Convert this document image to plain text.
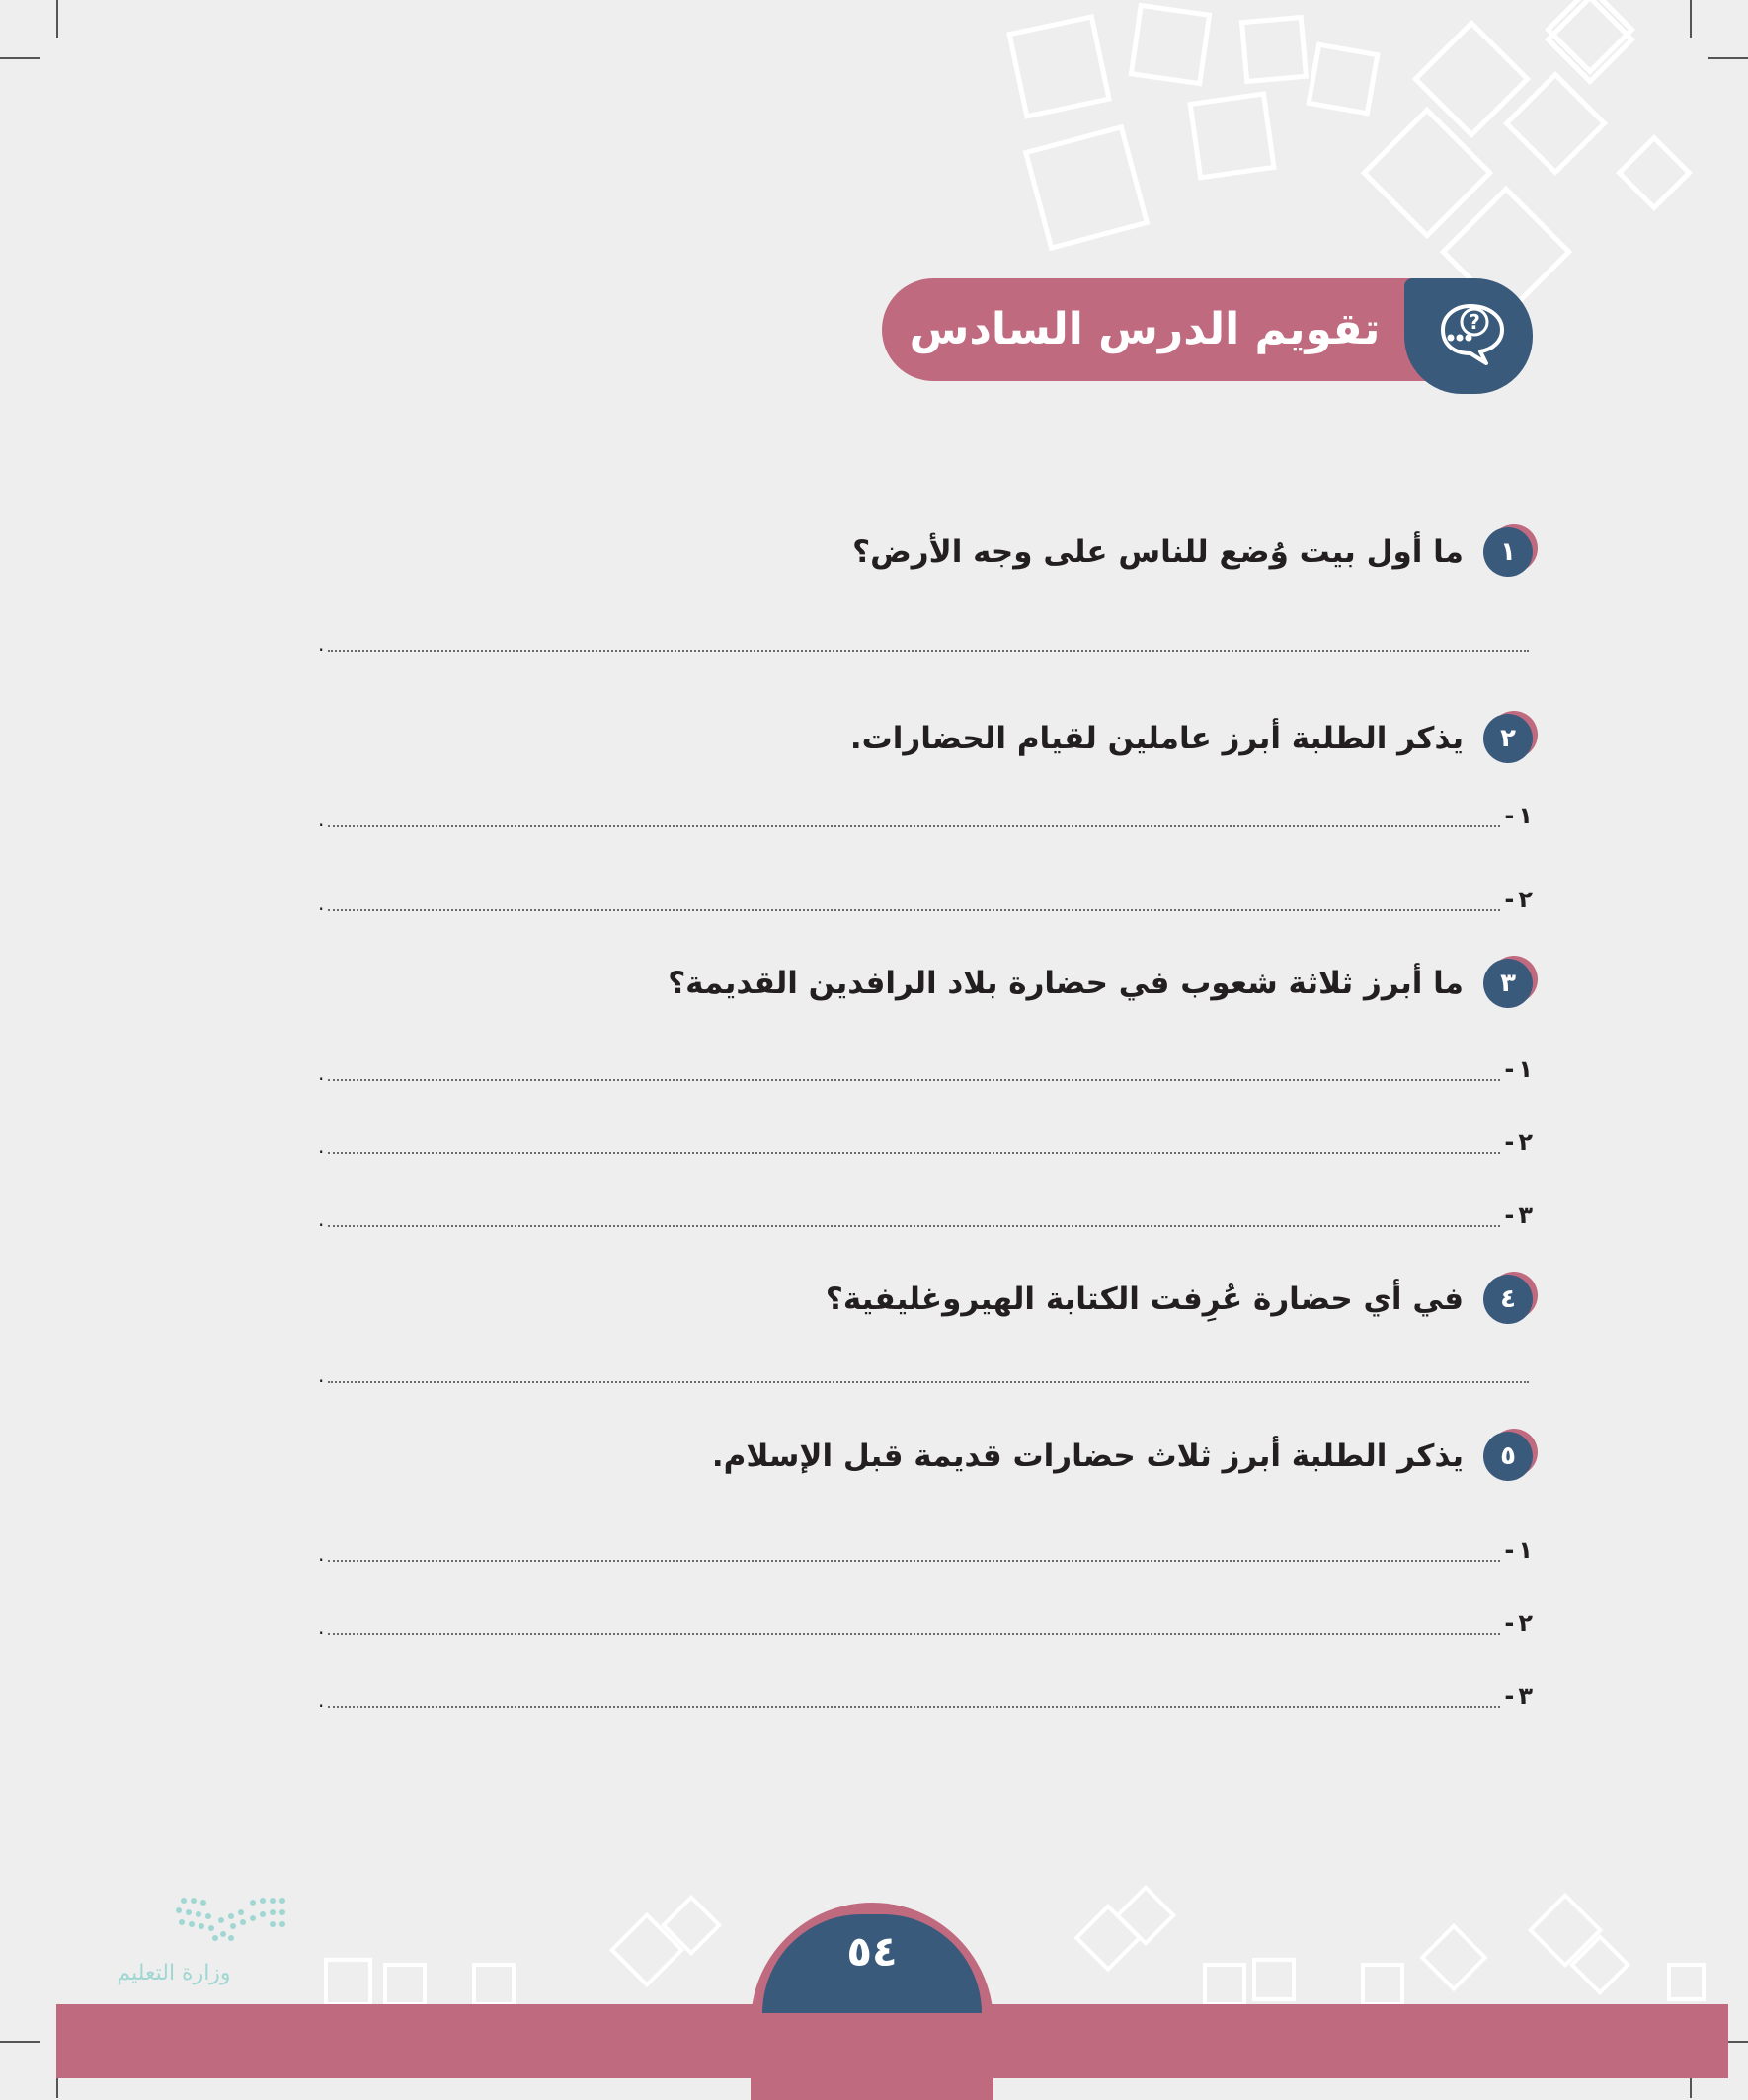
تقويم الدرس السادس	?
١
ما أول بيت وُضع للناس على وجه الأرض؟
.
٢
يذكر الطلبة أبرز عاملين لقيام الحضارات.
١
-
.
٢
-
.
٣
ما أبرز ثلاثة شعوب في حضارة بلاد الرافدين القديمة؟
١
-
.
٢
-
.
٣
-
.
٤
في أي حضارة عُرِفت الكتابة الهيروغليفية؟
.
٥
يذكر الطلبة أبرز ثلاث حضارات قديمة قبل الإسلام.
١
-
.
٢
-
.
٣
-
.
٥٤
وزارة التعليم
